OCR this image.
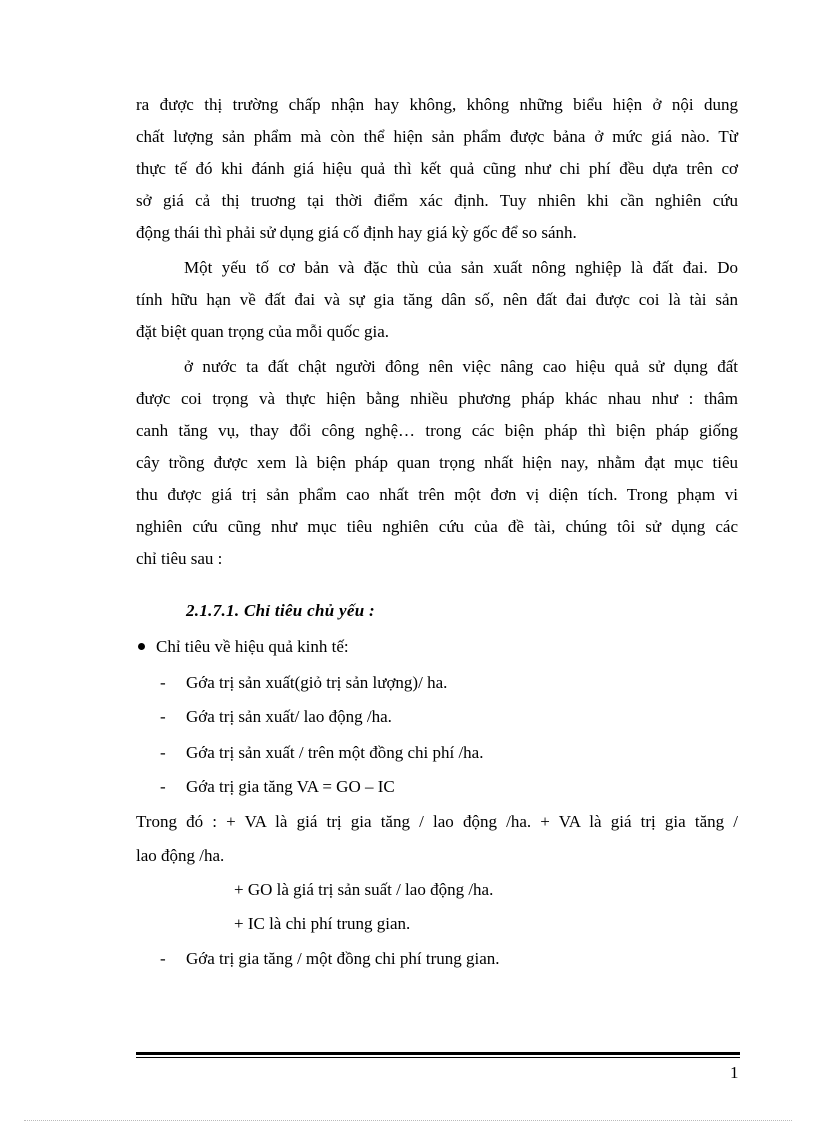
ra được thị trường chấp nhận hay không, không những biểu hiện ở nội dung
chất lượng sản phẩm mà còn thể hiện sản phẩm được bảna ở mức giá nào. Từ
thực tế đó khi đánh giá hiệu quả thì kết quả cũng như chi phí đều dựa trên cơ
sở giá cả thị truơng tại thời điểm xác định. Tuy nhiên khi cần nghiên cứu
động thái thì phải sử dụng giá cố định hay giá kỳ gốc để so sánh.
Một yếu tố cơ bản và đặc thù của sản xuất nông nghiệp là đất đai. Do
tính hữu hạn về đất đai và sự gia tăng dân số, nên đất đai được coi là tài sản
đặt biệt quan trọng của mỗi quốc gia.
ở nước ta đất chật người đông nên việc nâng cao hiệu quả sử dụng đất
được coi trọng và thực hiện bằng nhiều phương pháp khác nhau như : thâm
canh tăng vụ, thay đổi công nghệ… trong các biện pháp thì biện pháp giống
cây trồng được xem là biện pháp quan trọng nhất hiện nay, nhằm đạt mục tiêu
thu được giá trị sản phẩm cao nhất trên một đơn vị diện tích. Trong phạm vi
nghiên cứu cũng như mục tiêu nghiên cứu của đề tài, chúng tôi sử dụng các
chỉ tiêu sau :
2.1.7.1. Chỉ tiêu chủ yếu :
Chỉ tiêu về hiệu quả kinh tế:
- Gớa trị sản xuất(giỏ trị sản lượng)/ ha.
- Gớa trị sản xuất/ lao động /ha.
- Gớa trị sản xuất / trên một đồng chi phí /ha.
- Gớa trị gia tăng VA = GO – IC
Trong đó : + VA là giá trị gia tăng / lao động /ha. + VA là giá trị gia tăng /
lao động /ha.
+ GO là giá trị sản suất / lao động /ha.
+ IC là chi phí trung gian.
- Gớa trị gia tăng / một đồng chi phí trung gian.
1
